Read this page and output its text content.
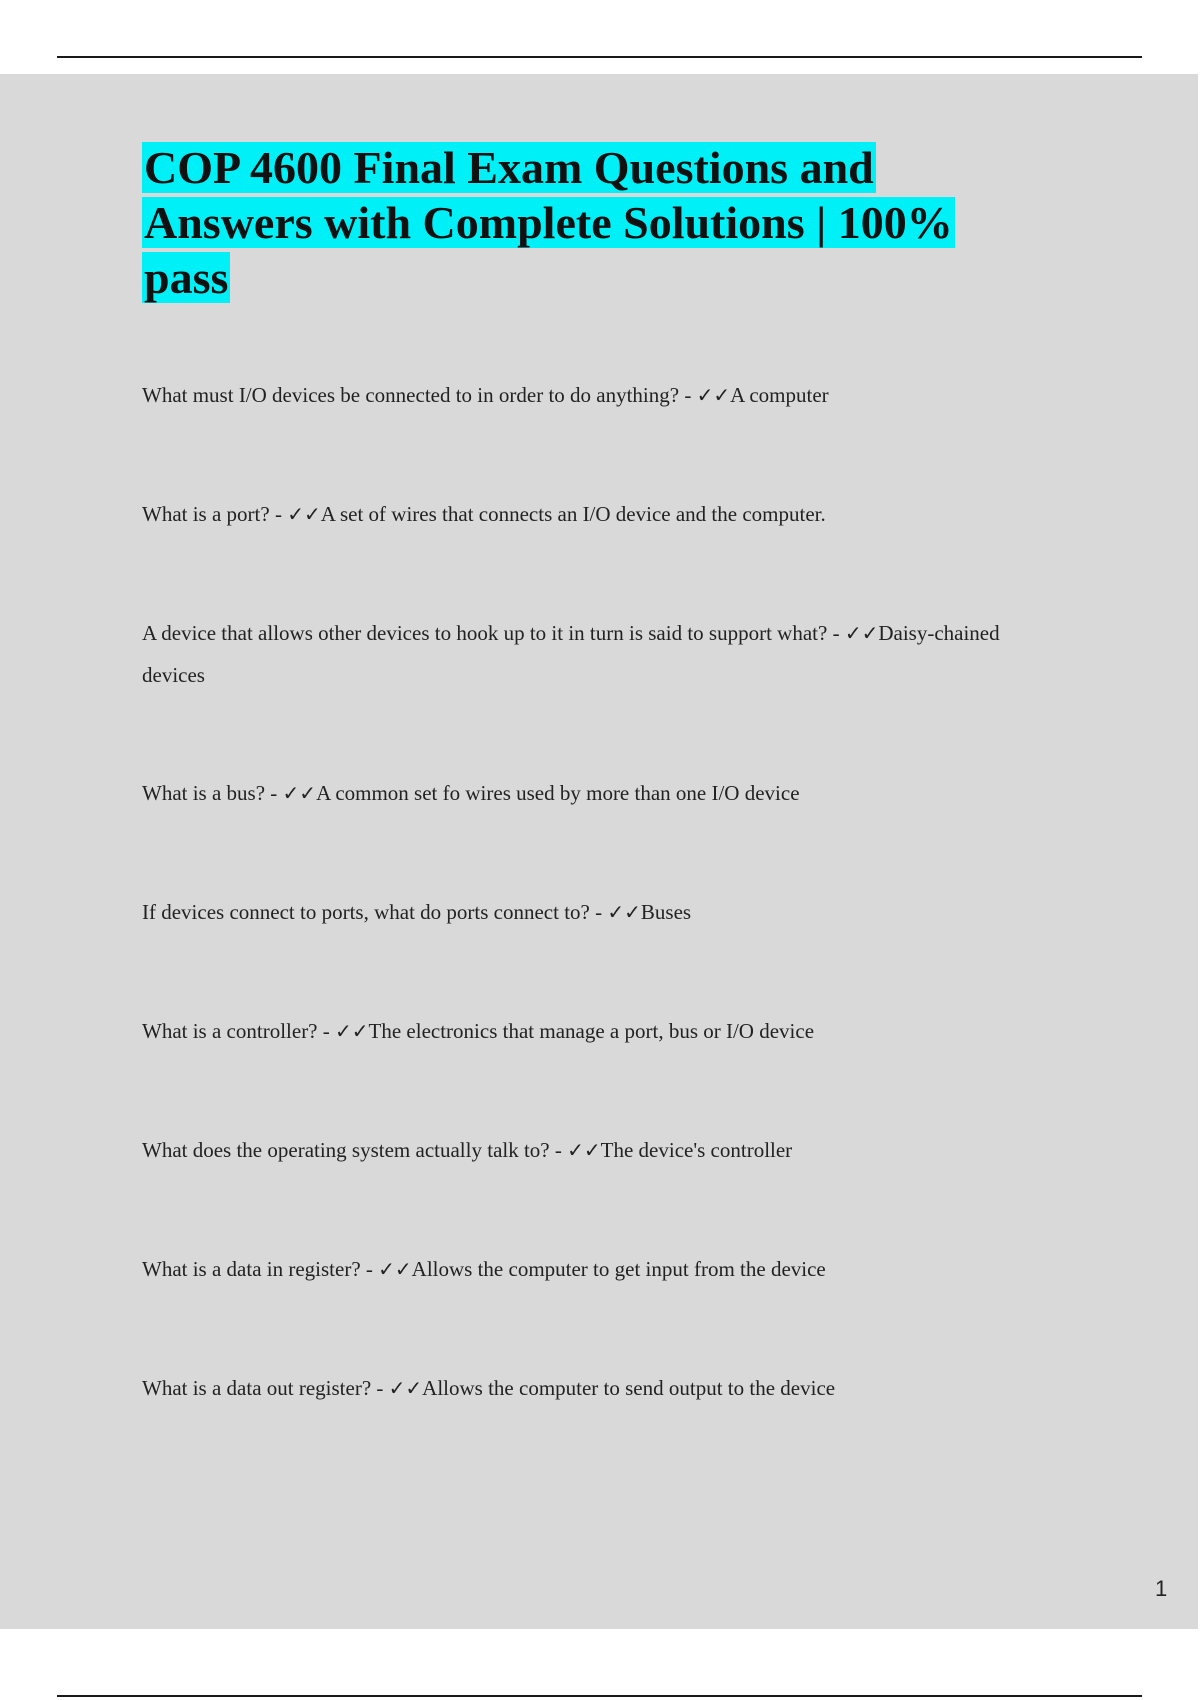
COP 4600 Final Exam Questions and Answers with Complete Solutions | 100% pass

What must I/O devices be connected to in order to do anything? - ✓✓A computer

What is a port? - ✓✓A set of wires that connects an I/O device and the computer.

A device that allows other devices to hook up to it in turn is said to support what? - ✓✓Daisy-chained devices

What is a bus? - ✓✓A common set fo wires used by more than one I/O device

If devices connect to ports, what do ports connect to? - ✓✓Buses

What is a controller? - ✓✓The electronics that manage a port, bus or I/O device

What does the operating system actually talk to? - ✓✓The device's controller

What is a data in register? - ✓✓Allows the computer to get input from the device

What is a data out register? - ✓✓Allows the computer to send output to the device

1
